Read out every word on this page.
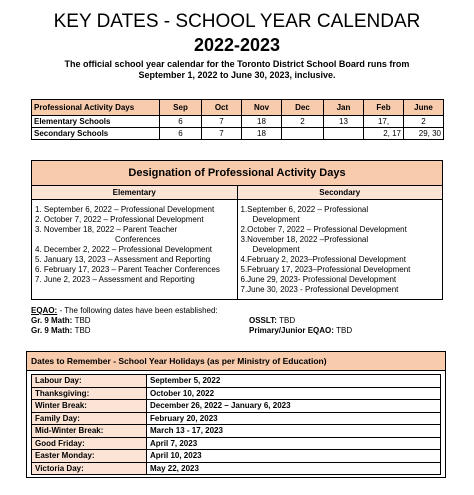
KEY DATES - SCHOOL YEAR CALENDAR
2022-2023
The official school year calendar for the Toronto District School Board runs from September 1, 2022 to June 30, 2023, inclusive.
Professional Activity Days	Sep	Oct	Nov	Dec	Jan	Feb	June
Elementary Schools	6	7	18	2	13	17,	2
Secondary Schools	6	7	18			2, 17	29, 30
Designation of Professional Activity Days
Elementary	Secondary
1. September 6, 2022 – Professional Development
2. October 7, 2022 – Professional Development
3. November 18, 2022 – Parent Teacher
Conferences
4. December 2, 2022 – Professional Development
5. January 13, 2023 – Assessment and Reporting
6. February 17, 2023 – Parent Teacher Conferences
7. June 2, 2023 – Assessment and Reporting
1.September 6, 2022 – Professional
Development
2.October 7, 2022 – Professional Development
3.November 18, 2022 –Professional
Development
4.February 2, 2023–Professional Development
5.February 17, 2023–Professional Development
6.June 29, 2023- Professional Development
7.June 30, 2023 - Professional Development
EQAO: - The following dates have been established:
Gr. 9 Math: TBD	OSSLT: TBD
Gr. 9 Math: TBD	Primary/Junior EQAO: TBD
Dates to Remember - School Year Holidays (as per Ministry of Education)
Labour Day:	September 5, 2022
Thanksgiving:	October 10, 2022
Winter Break:	December 26, 2022 – January 6, 2023
Family Day:	February 20, 2023
Mid-Winter Break:	March 13 - 17, 2023
Good Friday:	April 7, 2023
Easter Monday:	April 10, 2023
Victoria Day:	May 22, 2023
